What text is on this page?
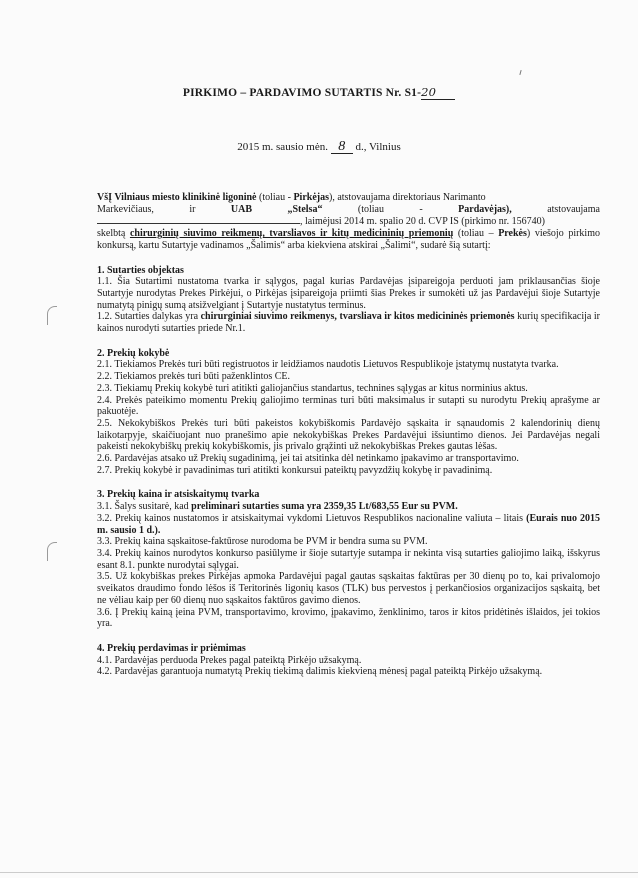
PIRKIMO – PARDAVIMO SUTARTIS Nr. S1-20
2015 m. sausio mėn. 8 d., Vilnius

VšĮ Vilniaus miesto klinikinė ligoninė (toliau - Pirkėjas), atstovaujama direktoriaus Narimanto

Markevičiaus,	ir	UAB	„Stelsa“	(toliau	-	Pardavėjas),	atstovaujama

, laimėjusi 2014 m. spalio 20 d. CVP IS (pirkimo nr. 156740)

skelbtą chirurginių siuvimo reikmenų, tvarsliavos ir kitų medicininių priemonių (toliau – Prekės) viešojo pirkimo konkursą, kartu Sutartyje vadinamos „Šalimis“ arba kiekviena atskirai „Šalimi“, sudarė šią sutartį:

1. Sutarties objektas

1.1. Šia Sutartimi nustatoma tvarka ir sąlygos, pagal kurias Pardavėjas įsipareigoja perduoti jam priklausančias šioje Sutartyje nurodytas Prekes Pirkėjui, o Pirkėjas įsipareigoja priimti šias Prekes ir sumokėti už jas Pardavėjui šioje Sutartyje numatytą pinigų sumą atsižvelgiant į Sutartyje nustatytus terminus.

1.2. Sutarties dalykas yra chirurginiai siuvimo reikmenys, tvarsliava ir kitos medicininės priemonės kurių specifikacija ir kainos nurodyti sutarties priede Nr.1.

2. Prekių kokybė

2.1. Tiekiamos Prekės turi būti registruotos ir leidžiamos naudotis Lietuvos Respublikoje įstatymų nustatyta tvarka.

2.2. Tiekiamos prekės turi būti paženklintos CE.

2.3. Tiekiamų Prekių kokybė turi atitikti galiojančius standartus, technines sąlygas ar kitus norminius aktus.

2.4. Prekės pateikimo momentu Prekių galiojimo terminas turi būti maksimalus ir sutapti su nurodytu Prekių aprašyme ar pakuotėje.

2.5. Nekokybiškos Prekės turi būti pakeistos kokybiškomis Pardavėjo sąskaita ir sąnaudomis 2 kalendorinių dienų laikotarpyje, skaičiuojant nuo pranešimo apie nekokybiškas Prekes Pardavėjui išsiuntimo dienos. Jei Pardavėjas negali pakeisti nekokybiškų prekių kokybiškomis, jis privalo grąžinti už nekokybiškas Prekes gautas lėšas.

2.6. Pardavėjas atsako už Prekių sugadinimą, jei tai atsitinka dėl netinkamo įpakavimo ar transportavimo.

2.7. Prekių kokybė ir pavadinimas turi atitikti konkursui pateiktų pavyzdžių kokybę ir pavadinimą.

3. Prekių kaina ir atsiskaitymų tvarka

3.1. Šalys susitarė, kad preliminari sutarties suma yra 2359,35 Lt/683,55 Eur su PVM.

3.2. Prekių kainos nustatomos ir atsiskaitymai vykdomi Lietuvos Respublikos nacionaline valiuta – litais (Eurais nuo 2015 m. sausio 1 d.).

3.3. Prekių kaina sąskaitose-faktūrose nurodoma be PVM ir bendra suma su PVM.

3.4. Prekių kainos nurodytos konkurso pasiūlyme ir šioje sutartyje sutampa ir nekinta visą sutarties galiojimo laiką, išskyrus esant 8.1. punkte nurodytai sąlygai.

3.5. Už kokybiškas prekes Pirkėjas apmoka Pardavėjui pagal gautas sąskaitas faktūras per 30 dienų po to, kai privalomojo sveikatos draudimo fondo lėšos iš Teritorinės ligonių kasos (TLK) bus pervestos į perkančiosios organizacijos sąskaitą, bet ne vėliau kaip per 60 dienų nuo sąskaitos faktūros gavimo dienos.

3.6. Į Prekių kainą įeina PVM, transportavimo, krovimo, įpakavimo, ženklinimo, taros ir kitos pridėtinės išlaidos, jei tokios yra.

4. Prekių perdavimas ir priėmimas

4.1. Pardavėjas perduoda Prekes pagal pateiktą Pirkėjo užsakymą.

4.2. Pardavėjas garantuoja numatytą Prekių tiekimą dalimis kiekvieną mėnesį pagal pateiktą Pirkėjo užsakymą.
